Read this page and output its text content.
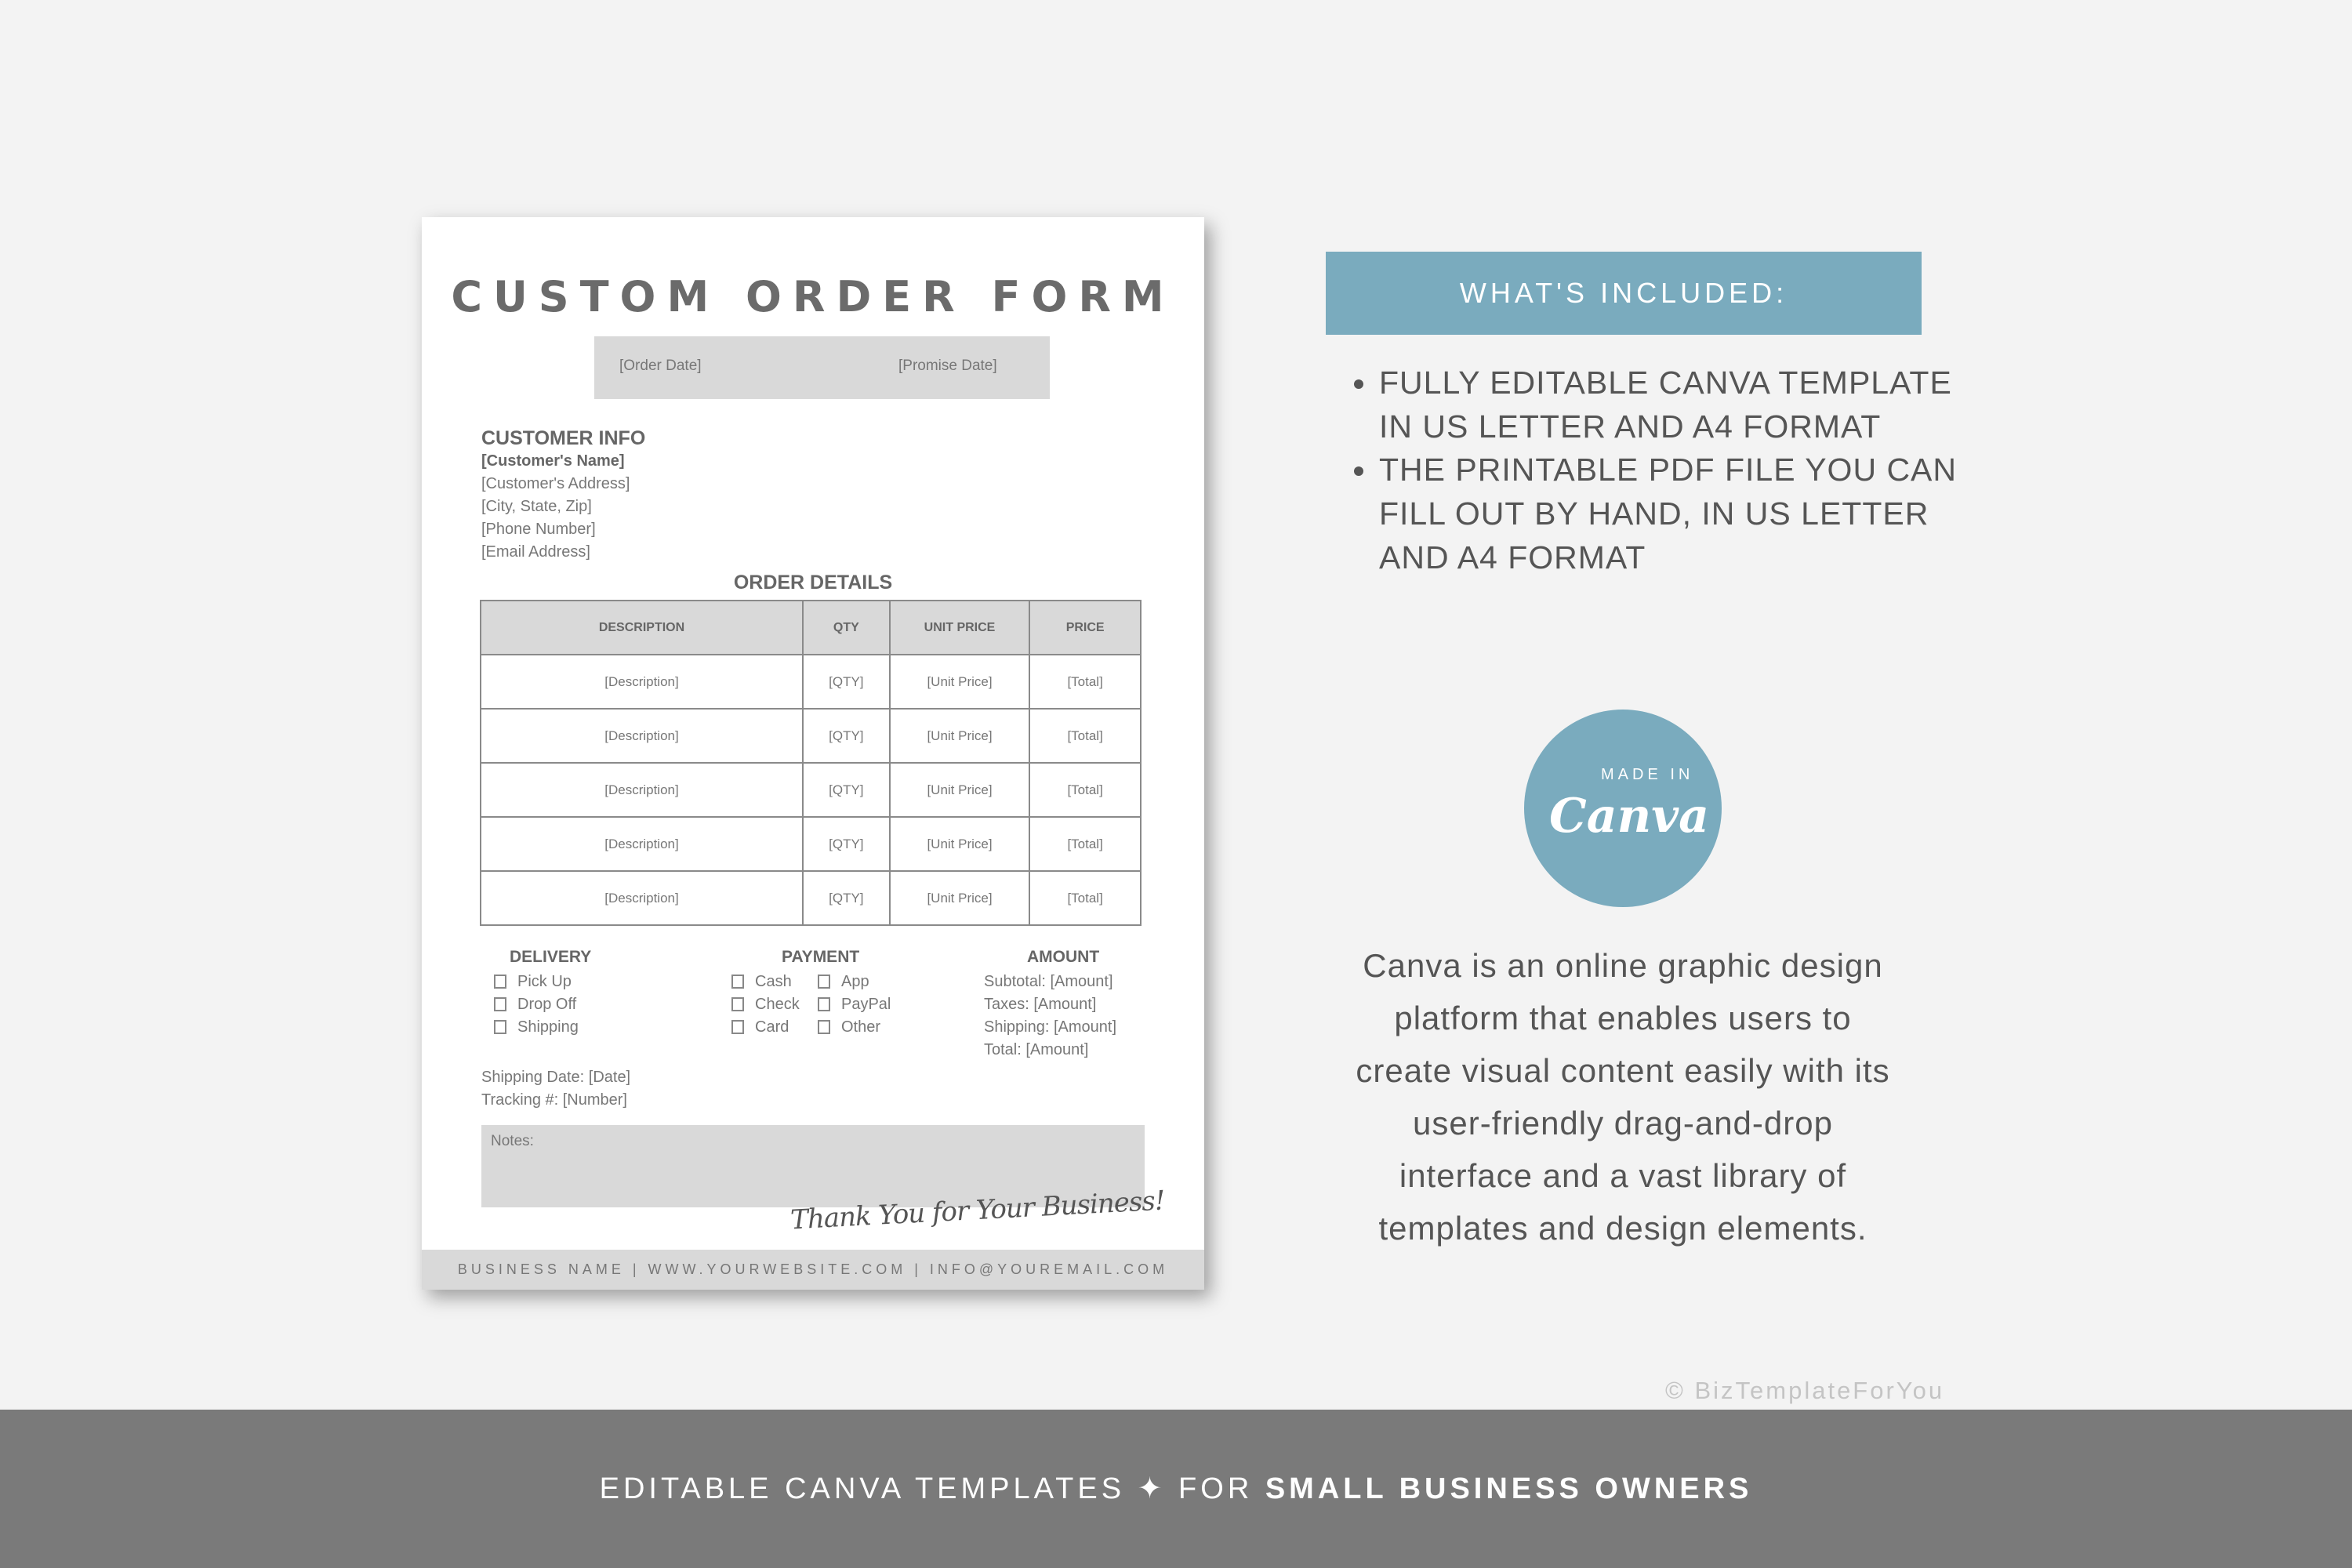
CUSTOM ORDER FORM
[Order Date]	[Promise Date]
CUSTOMER INFO
[Customer's Name]
[Customer's Address]
[City, State, Zip]
[Phone Number]
[Email Address]
ORDER DETAILS
DESCRIPTION	QTY	UNIT PRICE	PRICE
[Description]	[QTY]	[Unit Price]	[Total]
[Description]	[QTY]	[Unit Price]	[Total]
[Description]	[QTY]	[Unit Price]	[Total]
[Description]	[QTY]	[Unit Price]	[Total]
[Description]	[QTY]	[Unit Price]	[Total]
DELIVERY
Pick Up
Drop Off
Shipping
PAYMENT
Cash
Check
Card
App
PayPal
Other
AMOUNT
Subtotal: [Amount]
Taxes: [Amount]
Shipping: [Amount]
Total: [Amount]
Shipping Date: [Date]
Tracking #: [Number]
Notes:
Thank You for Your Business!
BUSINESS NAME | WWW.YOURWEBSITE.COM | INFO@YOUREMAIL.COM
WHAT'S INCLUDED:
FULLY EDITABLE CANVA TEMPLATE
IN US LETTER AND A4 FORMAT
THE PRINTABLE PDF FILE YOU CAN
FILL OUT BY HAND, IN US LETTER
AND A4 FORMAT
MADE IN
Canva
Canva is an online graphic design
platform that enables users to
create visual content easily with its
user-friendly drag-and-drop
interface and a vast library of
templates and design elements.
© BizTemplateForYou
EDITABLE CANVA TEMPLATES ✦ FOR SMALL BUSINESS OWNERS
